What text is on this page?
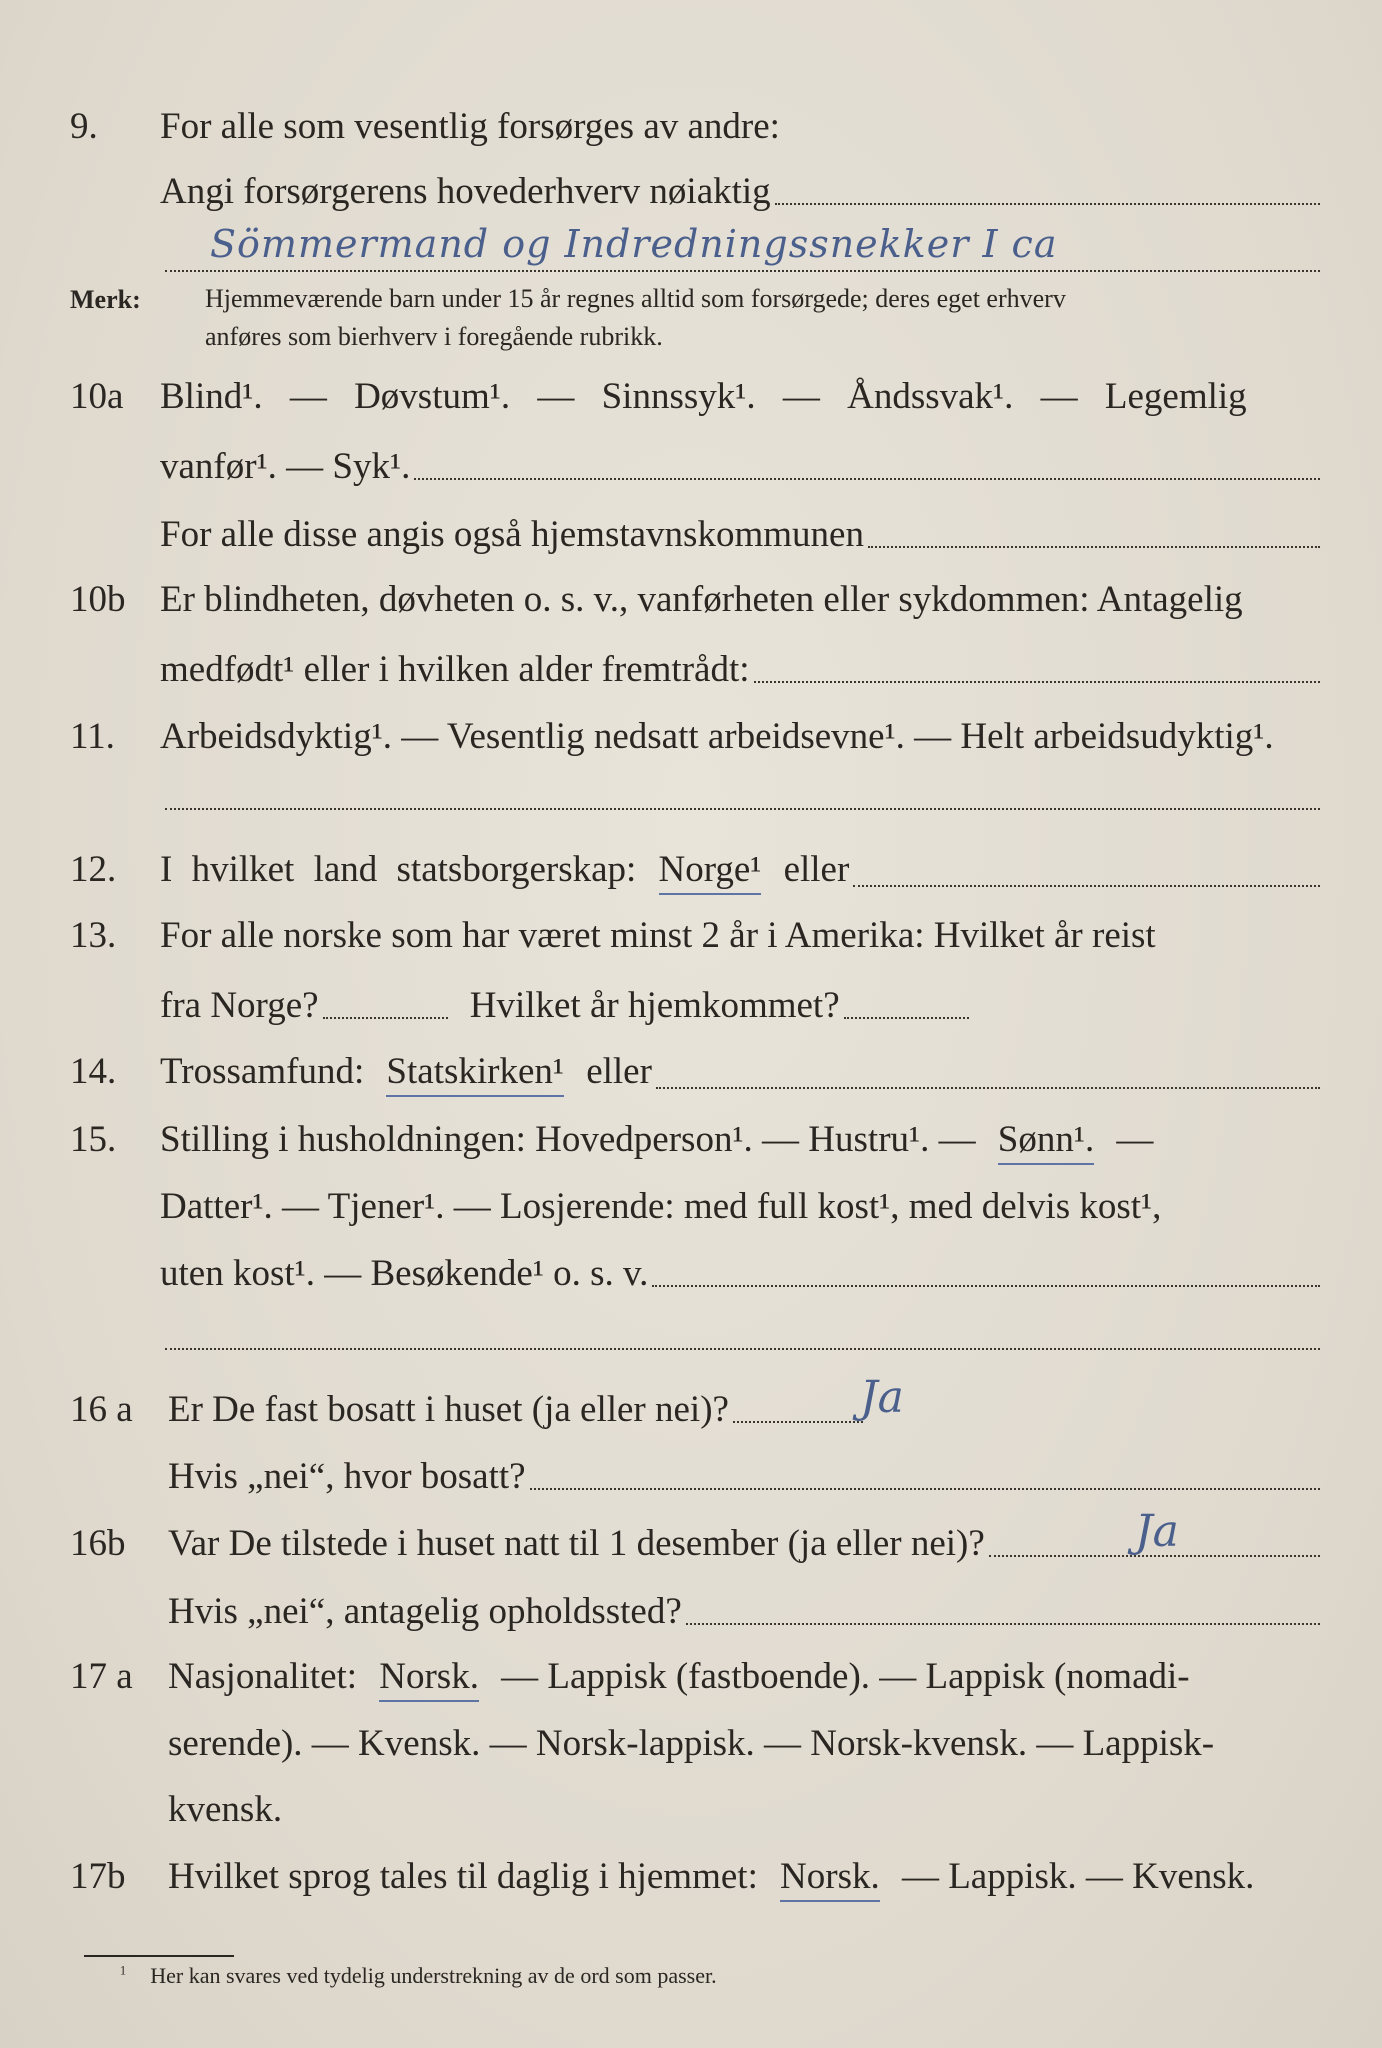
9. For alle som vesentlig forsørges av andre:
Angi forsørgerens hovederhverv nøiaktig
Sömmermand og Indredningssnekker I ca
Merk: Hjemmeværende barn under 15 år regnes alltid som forsørgede; deres eget erhverv
anføres som bierhverv i foregående rubrikk.
10a Blind¹. — Døvstum¹. — Sinnssyk¹. — Åndssvak¹. — Legemlig
vanfør¹. — Syk¹.
For alle disse angis også hjemstavnskommunen
10b Er blindheten, døvheten o. s. v., vanførheten eller sykdommen: Antagelig
medfødt¹ eller i hvilken alder fremtrådt:
11. Arbeidsdyktig¹. — Vesentlig nedsatt arbeidsevne¹. — Helt arbeidsudyktig¹.
12. I hvilket land statsborgerskap: Norge¹ eller
13. For alle norske som har været minst 2 år i Amerika: Hvilket år reist
fra Norge?	Hvilket år hjemkommet?
14. Trossamfund: Statskirken¹ eller
15. Stilling i husholdningen: Hovedperson¹. — Hustru¹. — Sønn¹. —
Datter¹. — Tjener¹. — Losjerende: med full kost¹, med delvis kost¹,
uten kost¹. — Besøkende¹ o. s. v.
16 a Er De fast bosatt i huset (ja eller nei)?	Ja
Hvis „nei“, hvor bosatt?
16b Var De tilstede i huset natt til 1 desember (ja eller nei)?	Ja
Hvis „nei“, antagelig opholdssted?
17 a Nasjonalitet: Norsk. — Lappisk (fastboende). — Lappisk (nomadi-
serende). — Kvensk. — Norsk-lappisk. — Norsk-kvensk. — Lappisk-
kvensk.
17b Hvilket sprog tales til daglig i hjemmet: Norsk. — Lappisk. — Kvensk.
$^1$ Her kan svares ved tydelig understrekning av de ord som passer.
